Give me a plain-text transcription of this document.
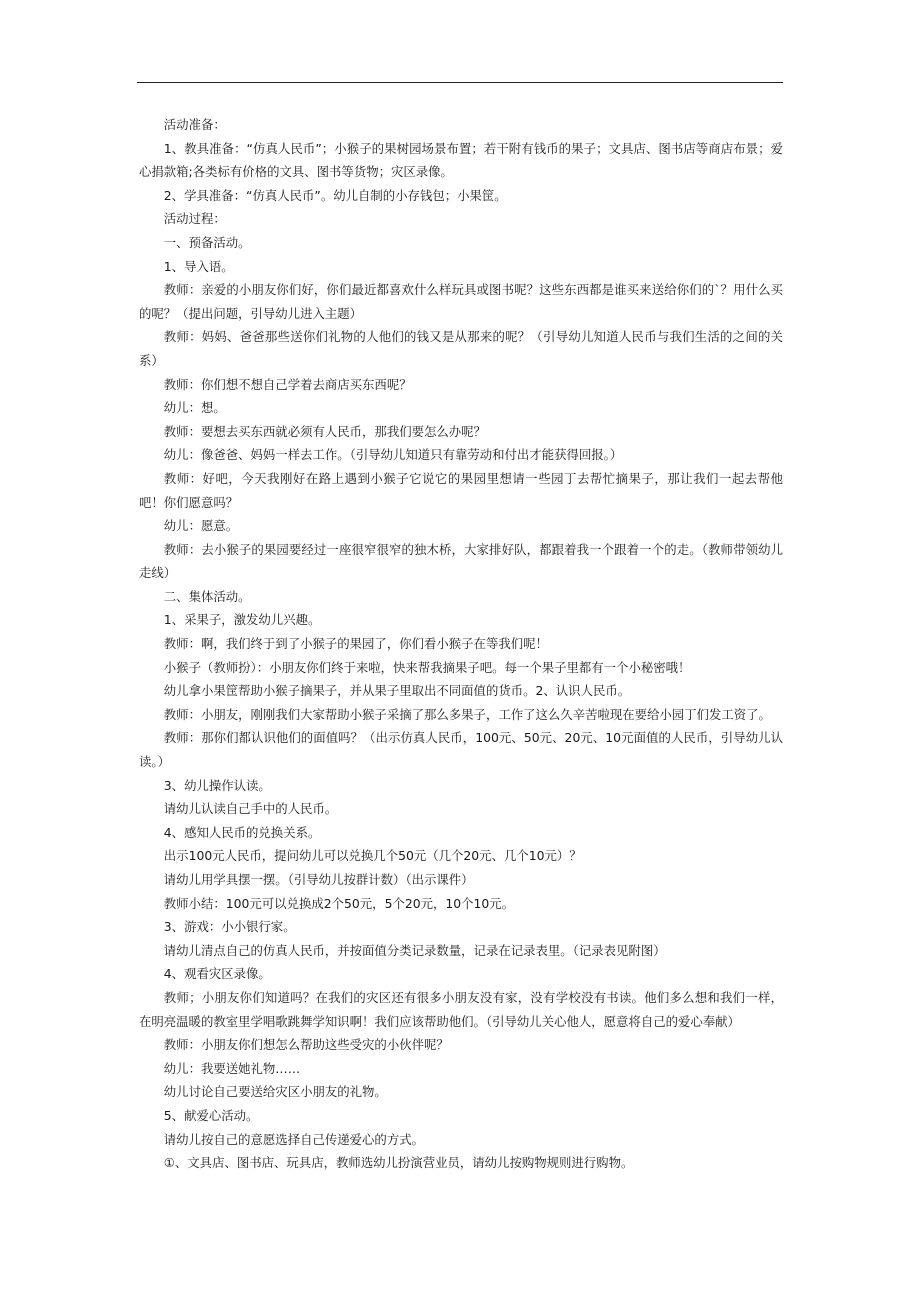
活动准备：

1、教具准备：“仿真人民币”；小猴子的果树园场景布置；若干附有钱币的果子；文具店、图书店等商店布景；爱心捐款箱;各类标有价格的文具、图书等货物；灾区录像。

2、学具准备：“仿真人民币”。幼儿自制的小存钱包；小果筐。

活动过程：

一、预备活动。

1、导入语。

教师：亲爱的小朋友你们好，你们最近都喜欢什么样玩具或图书呢？这些东西都是谁买来送给你们的`？用什么买的呢？（提出问题，引导幼儿进入主题）

教师：妈妈、爸爸那些送你们礼物的人他们的钱又是从那来的呢？（引导幼儿知道人民币与我们生活的之间的关系）

教师：你们想不想自己学着去商店买东西呢？

幼儿：想。

教师：要想去买东西就必须有人民币，那我们要怎么办呢？

幼儿：像爸爸、妈妈一样去工作。（引导幼儿知道只有靠劳动和付出才能获得回报。）

教师：好吧，今天我刚好在路上遇到小猴子它说它的果园里想请一些园丁去帮忙摘果子，那让我们一起去帮他吧！你们愿意吗？

幼儿：愿意。

教师：去小猴子的果园要经过一座很窄很窄的独木桥，大家排好队，都跟着我一个跟着一个的走。（教师带领幼儿走线）

二、集体活动。

1、采果子，激发幼儿兴趣。

教师：啊，我们终于到了小猴子的果园了，你们看小猴子在等我们呢！

小猴子（教师扮）：小朋友你们终于来啦，快来帮我摘果子吧。每一个果子里都有一个小秘密哦！

幼儿拿小果筐帮助小猴子摘果子，并从果子里取出不同面值的货币。2、认识人民币。

教师：小朋友，刚刚我们大家帮助小猴子采摘了那么多果子，工作了这么久辛苦啦现在要给小园丁们发工资了。

教师：那你们都认识他们的面值吗？（出示仿真人民币，100元、50元、20元、10元面值的人民币，引导幼儿认读。）

3、幼儿操作认读。

请幼儿认读自己手中的人民币。

4、感知人民币的兑换关系。

出示100元人民币，提问幼儿可以兑换几个50元（几个20元、几个10元）？

请幼儿用学具摆一摆。（引导幼儿按群计数）（出示课件）

教师小结：100元可以兑换成2个50元，5个20元，10个10元。

3、游戏：小小银行家。

请幼儿清点自己的仿真人民币，并按面值分类记录数量，记录在记录表里。（记录表见附图）

4、观看灾区录像。

教师；小朋友你们知道吗？在我们的灾区还有很多小朋友没有家，没有学校没有书读。他们多么想和我们一样，在明亮温暖的教室里学唱歌跳舞学知识啊！我们应该帮助他们。（引导幼儿关心他人，愿意将自己的爱心奉献）

教师：小朋友你们想怎么帮助这些受灾的小伙伴呢？

幼儿：我要送她礼物……

幼儿讨论自己要送给灾区小朋友的礼物。

5、献爱心活动。

请幼儿按自己的意愿选择自己传递爱心的方式。

①、文具店、图书店、玩具店，教师选幼儿扮演营业员，请幼儿按购物规则进行购物。
